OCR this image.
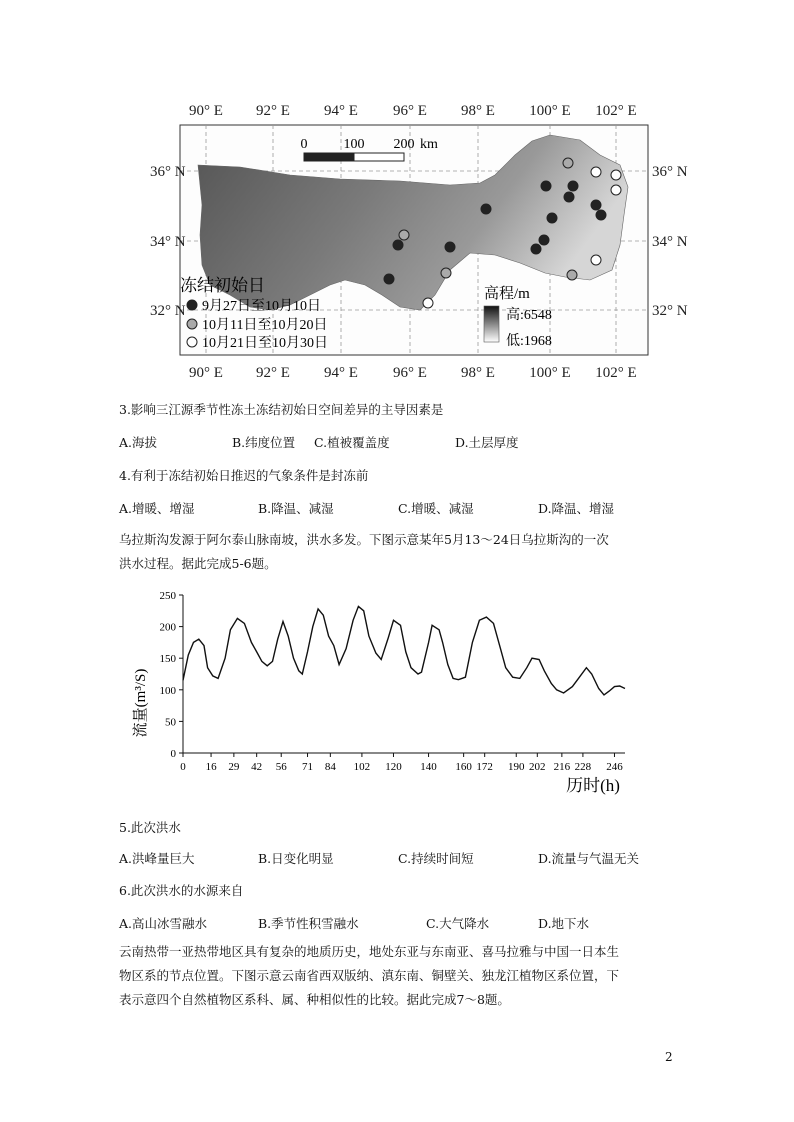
90° E 92° E 94° E 96° E 98° E 100° E 102° E
0	100 200 km
36° N
34° N
32° N
36° N
34° N
32° N
90° E 92° E 94° E 96° E 98° E 100° E 102° E
冻结初始日
9月27日至10月10日
10月11日至10月20日
10月21日至10月30日
高程/m
高:6548
低:1968
3.影响三江源季节性冻土冻结初始日空间差异的主导因素是
A.海拔	B.纬度位置 C.植被覆盖度	D.土层厚度
4.有利于冻结初始日推迟的气象条件是封冻前
A.增暖、增湿	B.降温、减湿	C.增暖、减湿	D.降温、增湿
乌拉斯沟发源于阿尔泰山脉南坡，洪水多发。下图示意某年5月13～24日乌拉斯沟的一次
洪水过程。据此完成5-6题。
0
50
100
150
200
250
0 16 29 42 56 71 84 102 120 140 160 172 190 202 216 228 246
流量(m³/S)
历时(h)
5.此次洪水
A.洪峰量巨大	B.日变化明显	C.持续时间短	D.流量与气温无关
6.此次洪水的水源来自
A.高山冰雪融水	B.季节性积雪融水	C.大气降水	D.地下水
云南热带一亚热带地区具有复杂的地质历史，地处东亚与东南亚、喜马拉雅与中国一日本生
物区系的节点位置。下图示意云南省西双版纳、滇东南、铜壁关、独龙江植物区系位置，下
表示意四个自然植物区系科、属、种相似性的比较。据此完成7～8题。
2
